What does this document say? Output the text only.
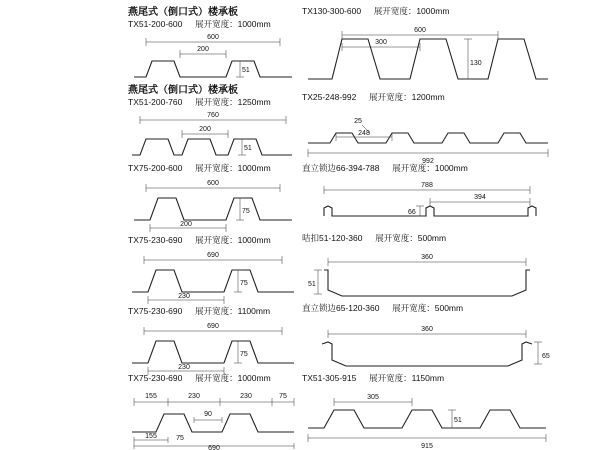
燕尾式（倒口式）楼承板
TX51-200-600 展开宽度：1000mm
600
200
51
燕尾式（倒口式）楼承板
TX51-200-760 展开宽度：1250mm
760
200
51
TX75-200-600 展开宽度：1000mm
600
200
75
TX75-230-690 展开宽度：1000mm
690
230
75
TX75-230-690 展开宽度：1100mm
690
230
75
TX75-230-690 展开宽度：1000mm
155	230	230	75
90
155	75
690
TX130-300-600 展开宽度：1000mm
600
300
130
TX25-248-992 展开宽度：1200mm
25
248
992
直立锁边66-394-788 展开宽度：1000mm
788
394
66
咭扣51-120-360 展开宽度：500mm
360
51
直立锁边65-120-360 展开宽度：500mm
360
65
TX51-305-915 展开宽度：1150mm
305
51
915
